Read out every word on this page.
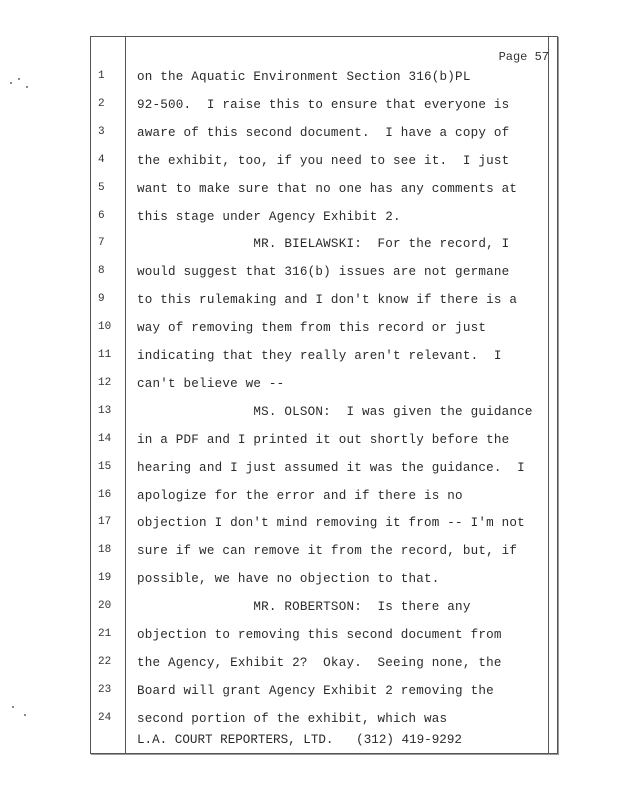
Page 57
1	on the Aquatic Environment Section 316(b)PL
2	92-500.  I raise this to ensure that everyone is
3	aware of this second document.  I have a copy of
4	the exhibit, too, if you need to see it.  I just
5	want to make sure that no one has any comments at
6	this stage under Agency Exhibit 2.
7	MR. BIELAWSKI:  For the record, I
8	would suggest that 316(b) issues are not germane
9	to this rulemaking and I don't know if there is a
10	way of removing them from this record or just
11	indicating that they really aren't relevant.  I
12	can't believe we --
13	MS. OLSON:  I was given the guidance
14	in a PDF and I printed it out shortly before the
15	hearing and I just assumed it was the guidance.  I
16	apologize for the error and if there is no
17	objection I don't mind removing it from -- I'm not
18	sure if we can remove it from the record, but, if
19	possible, we have no objection to that.
20	MR. ROBERTSON:  Is there any
21	objection to removing this second document from
22	the Agency, Exhibit 2?  Okay.  Seeing none, the
23	Board will grant Agency Exhibit 2 removing the
24	second portion of the exhibit, which was
L.A. COURT REPORTERS, LTD.   (312) 419-9292
